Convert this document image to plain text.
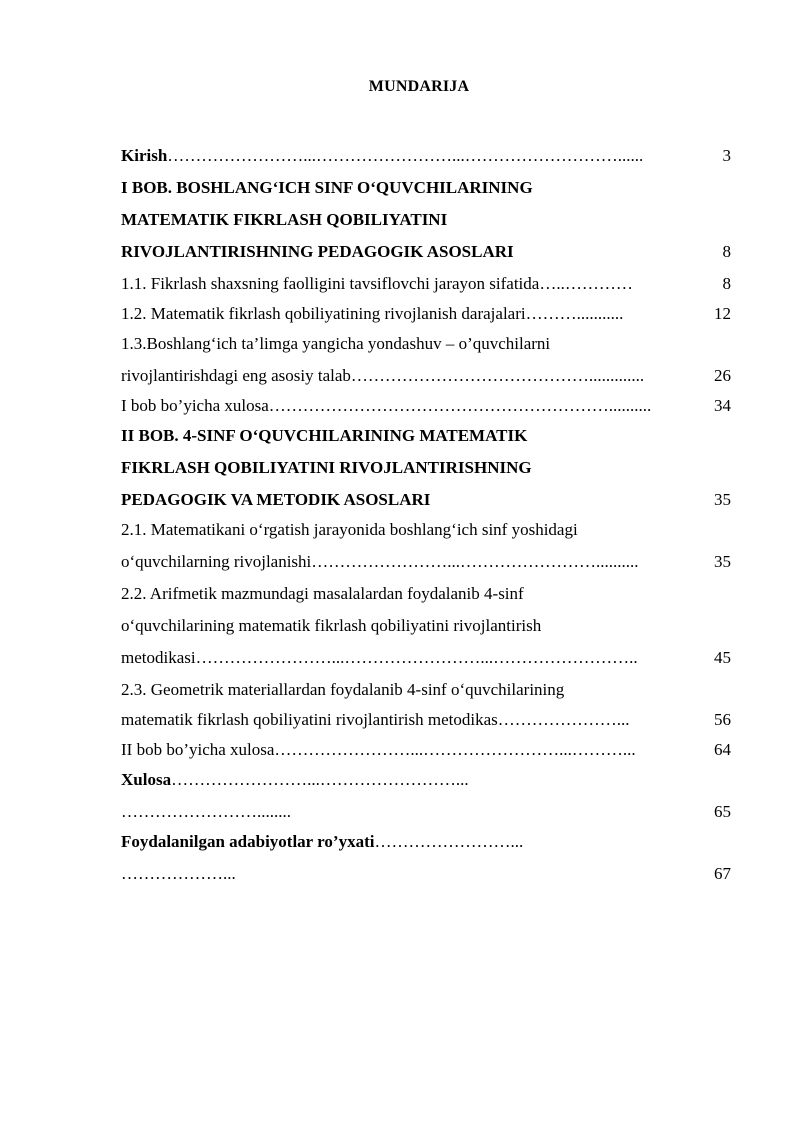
MUNDARIJA
Kirish……………………...……………………...………………………......	3
I BOB. BOSHLANG‘ICH SINF O‘QUVCHILARINING
MATEMATIK FIKRLASH QOBILIYATINI
RIVOJLANTIRISHNING PEDAGOGIK ASOSLARI	8
1.1. Fikrlash shaxsning faolligini tavsiflovchi jarayon sifatida…..…………	8
1.2. Matematik fikrlash qobiliyatining rivojlanish darajalari………...........	12
1.3.Boshlang‘ich ta’limga yangicha yondashuv – o’quvchilarni
rivojlantirishdagi eng asosiy talab…………………………………….............	26
I bob bo’yicha xulosa……………………………………………………..........	34
II BOB. 4-SINF O‘QUVCHILARINING MATEMATIK
FIKRLASH QOBILIYATINI RIVOJLANTIRISHNING
PEDAGOGIK VA METODIK ASOSLARI	35
2.1. Matematikani o‘rgatish jarayonida boshlang‘ich sinf yoshidagi
o‘quvchilarning rivojlanishi……………………...……………………..........	35
2.2. Arifmetik mazmundagi masalalardan foydalanib 4-sinf
o‘quvchilarining matematik fikrlash qobiliyatini rivojlantirish
metodikasi……………………...……………………...……………………..	45
2.3. Geometrik materiallardan foydalanib 4-sinf o‘quvchilarining
matematik fikrlash qobiliyatini rivojlantirish metodikas…………………...	56
II bob bo’yicha xulosa……………………...……………………...………...	64
Xulosa……………………...……………………...
……………………........	65
Foydalanilgan adabiyotlar ro’yxati……………………...
………………...	67
